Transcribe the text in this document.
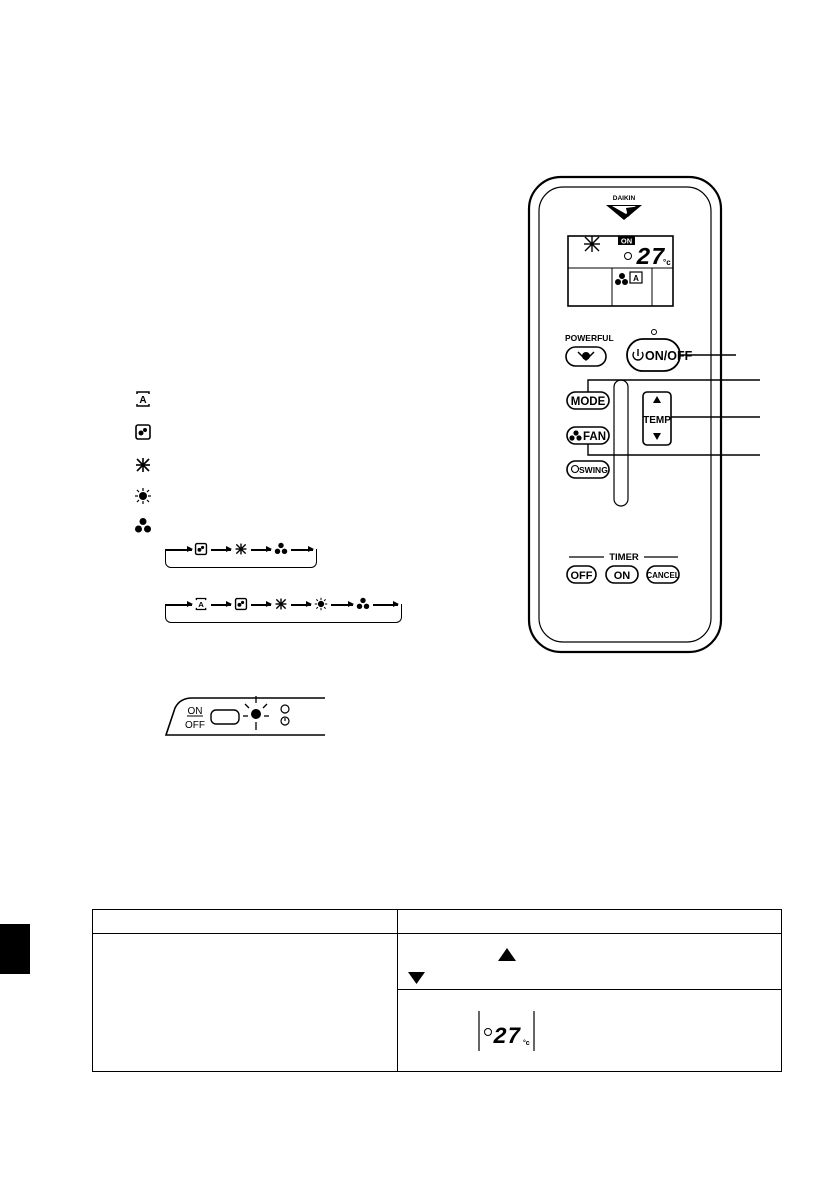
DAIKIN
ON
27
°c
A
POWERFUL
ON/OFF
MODE
TEMP
FAN
SWING
TIMER
OFF ON CANCEL
A
A
ON
OFF

27 °c
